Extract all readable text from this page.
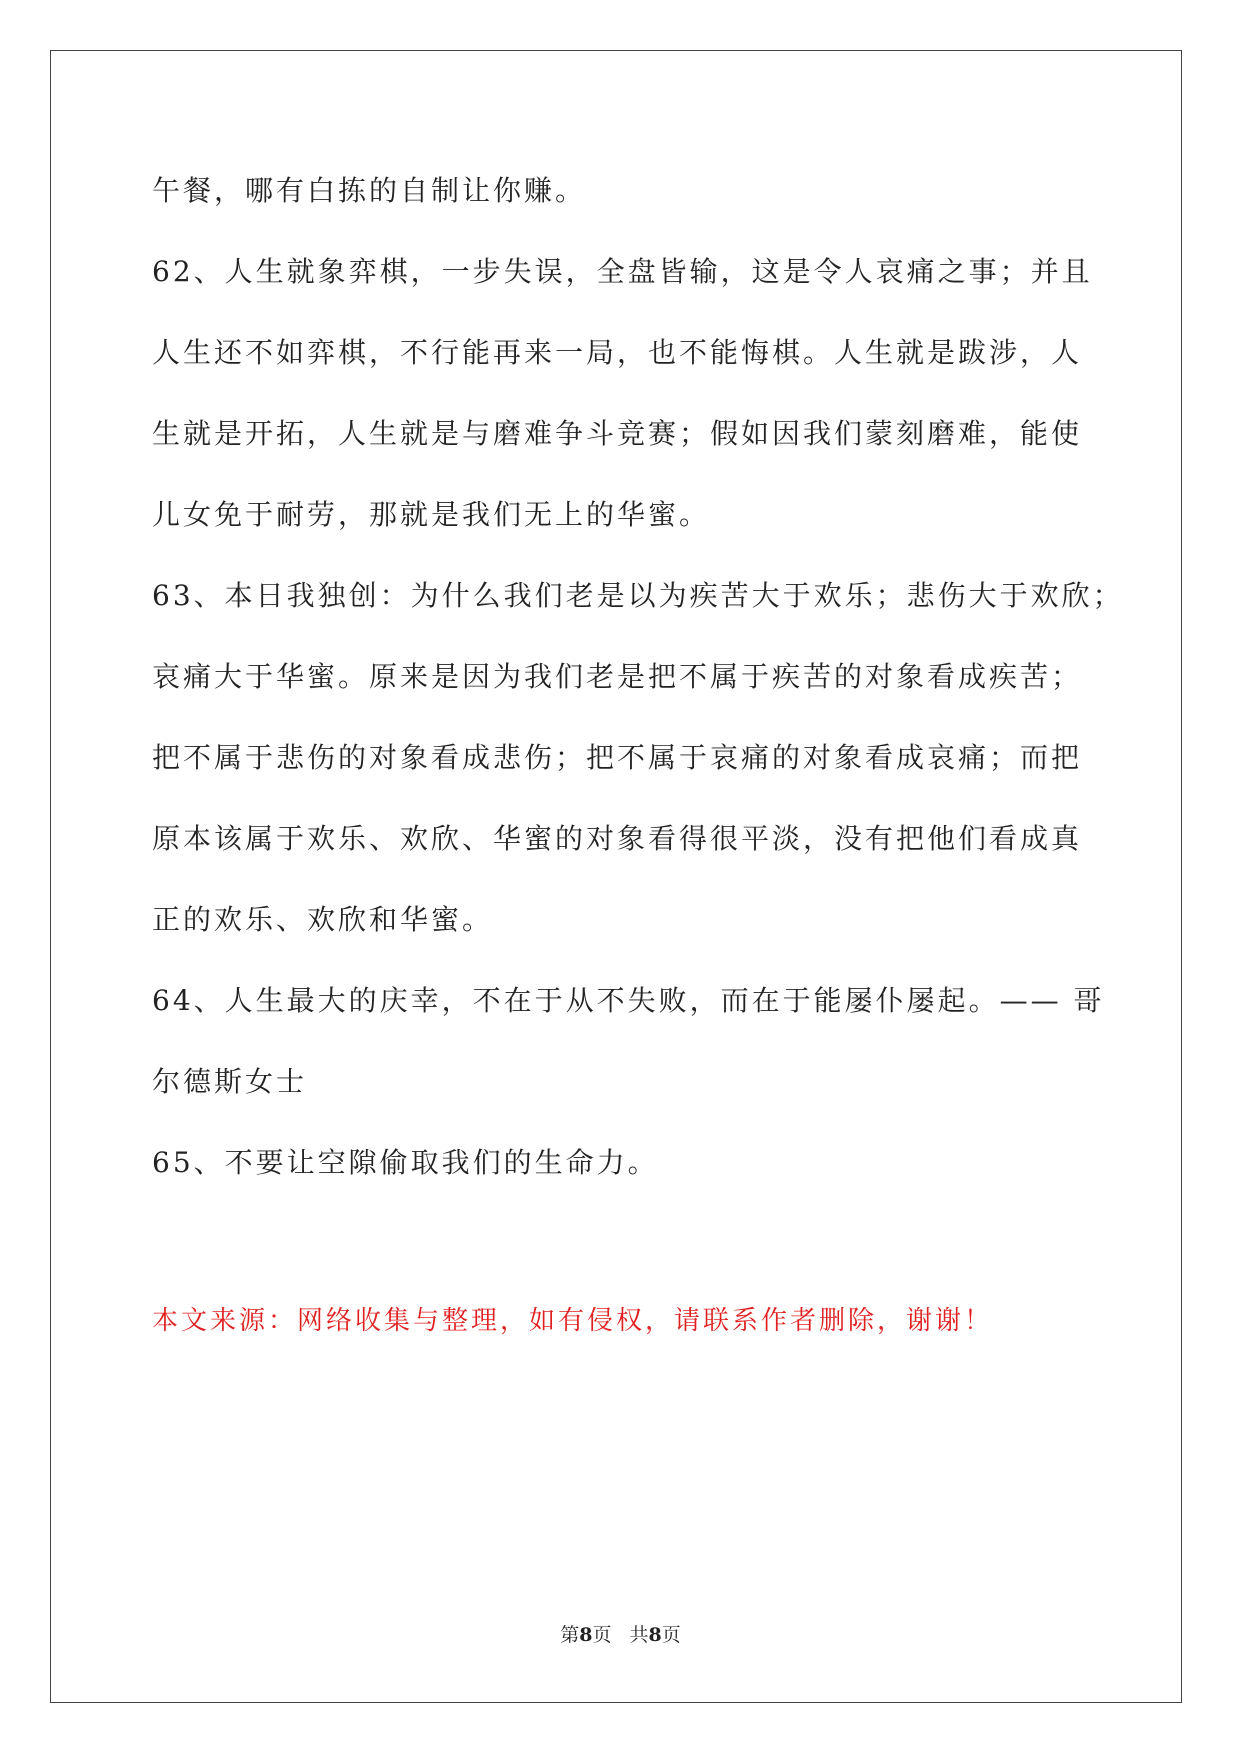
午餐，哪有白拣的自制让你赚。

62、人生就象弈棋，一步失误，全盘皆输，这是令人哀痛之事；并且

人生还不如弈棋，不行能再来一局，也不能悔棋。人生就是跋涉，人

生就是开拓，人生就是与磨难争斗竞赛；假如因我们蒙刻磨难，能使

儿女免于耐劳，那就是我们无上的华蜜。

63、本日我独创：为什么我们老是以为疾苦大于欢乐；悲伤大于欢欣；

哀痛大于华蜜。原来是因为我们老是把不属于疾苦的对象看成疾苦；

把不属于悲伤的对象看成悲伤；把不属于哀痛的对象看成哀痛；而把

原本该属于欢乐、欢欣、华蜜的对象看得很平淡，没有把他们看成真

正的欢乐、欢欣和华蜜。

64、人生最大的庆幸，不在于从不失败，而在于能屡仆屡起。—— 哥

尔德斯女士

65、不要让空隙偷取我们的生命力。

本文来源：网络收集与整理，如有侵权，请联系作者删除，谢谢！

第8页 共8页
